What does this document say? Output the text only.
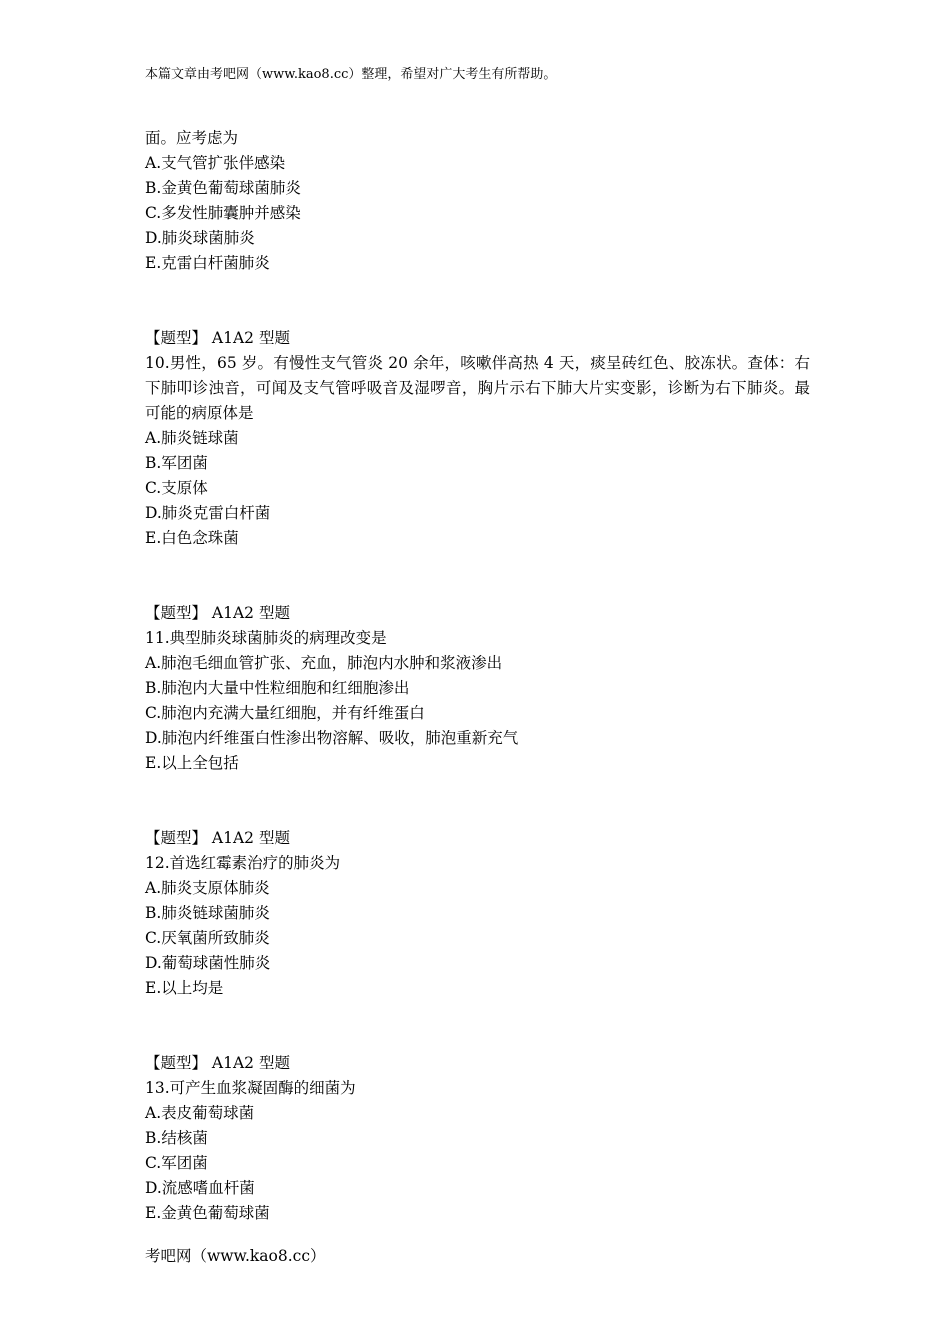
本篇文章由考吧网（www.kao8.cc）整理，希望对广大考生有所帮助。

面。应考虑为

A.支气管扩张伴感染

B.金黄色葡萄球菌肺炎

C.多发性肺囊肿并感染

D.肺炎球菌肺炎

E.克雷白杆菌肺炎

【题型】 A1A2 型题

10.男性，65 岁。有慢性支气管炎 20 余年，咳嗽伴高热 4 天，痰呈砖红色、胶冻状。查体：右下肺叩诊浊音，可闻及支气管呼吸音及湿啰音，胸片示右下肺大片实变影，诊断为右下肺炎。最可能的病原体是

A.肺炎链球菌

B.军团菌

C.支原体

D.肺炎克雷白杆菌

E.白色念珠菌

【题型】 A1A2 型题

11.典型肺炎球菌肺炎的病理改变是

A.肺泡毛细血管扩张、充血，肺泡内水肿和浆液渗出

B.肺泡内大量中性粒细胞和红细胞渗出

C.肺泡内充满大量红细胞，并有纤维蛋白

D.肺泡内纤维蛋白性渗出物溶解、吸收，肺泡重新充气

E.以上全包括

【题型】 A1A2 型题

12.首选红霉素治疗的肺炎为

A.肺炎支原体肺炎

B.肺炎链球菌肺炎

C.厌氧菌所致肺炎

D.葡萄球菌性肺炎

E.以上均是

【题型】 A1A2 型题

13.可产生血浆凝固酶的细菌为

A.表皮葡萄球菌

B.结核菌

C.军团菌

D.流感嗜血杆菌

E.金黄色葡萄球菌

考吧网（www.kao8.cc）
